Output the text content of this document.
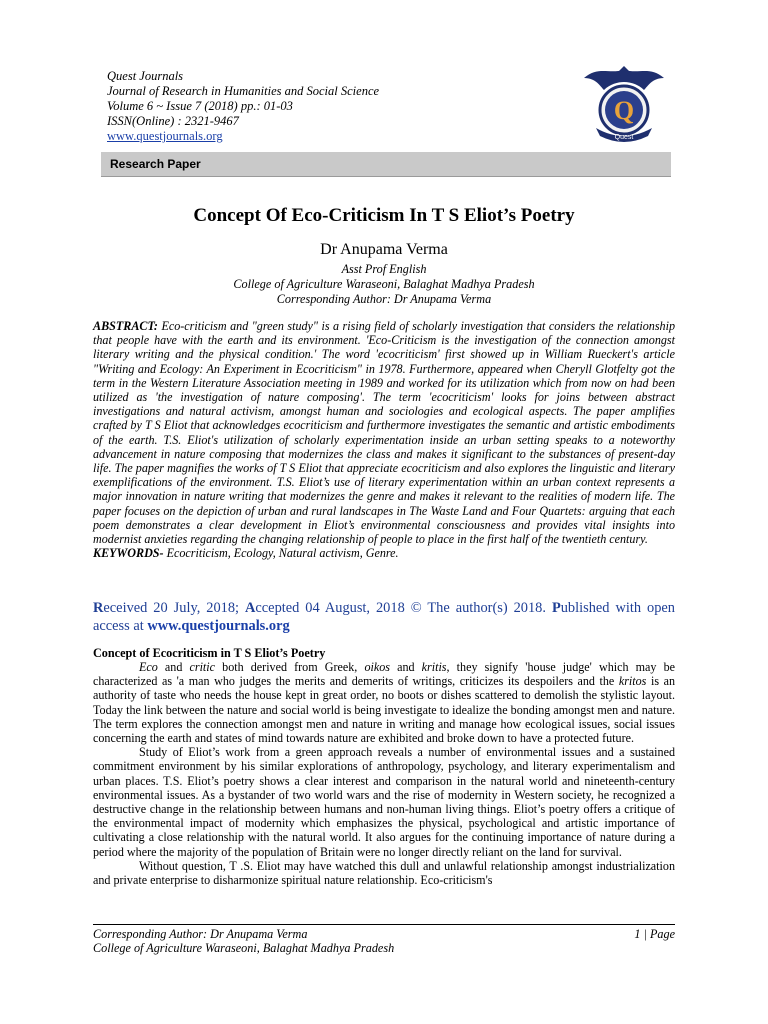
Quest Journals
Journal of Research in Humanities and Social Science
Volume 6 ~ Issue 7 (2018) pp.: 01-03
ISSN(Online) : 2321-9467
www.questjournals.org
Q
Quest
Research Paper
Concept Of Eco-Criticism In T S Eliot’s Poetry
Dr Anupama Verma
Asst Prof English
College of Agriculture Waraseoni, Balaghat Madhya Pradesh
Corresponding Author: Dr Anupama Verma
ABSTRACT: Eco-criticism and "green study" is a rising field of scholarly investigation that considers the relationship that people have with the earth and its environment. 'Eco-Criticism is the investigation of the connection amongst literary writing and the physical condition.' The word 'ecocriticism' first showed up in William Rueckert's article "Writing and Ecology: An Experiment in Ecocriticism" in 1978. Furthermore, appeared when Cheryll Glotfelty got the term in the Western Literature Association meeting in 1989 and worked for its utilization which from now on had been utilized as 'the investigation of nature composing'. The term 'ecocriticism' looks for joins between abstract investigations and natural activism, amongst human and sociologies and ecological aspects. The paper amplifies crafted by T S Eliot that acknowledges ecocriticism and furthermore investigates the semantic and artistic embodiments of the earth. T.S. Eliot's utilization of scholarly experimentation inside an urban setting speaks to a noteworthy advancement in nature composing that modernizes the class and makes it significant to the substances of present-day life. The paper magnifies the works of T S Eliot that appreciate ecocriticism and also explores the linguistic and literary exemplifications of the environment. T.S. Eliot’s use of literary experimentation within an urban context represents a major innovation in nature writing that modernizes the genre and makes it relevant to the realities of modern life. The paper focuses on the depiction of urban and rural landscapes in The Waste Land and Four Quartets: arguing that each poem demonstrates a clear development in Eliot’s environmental consciousness and provides vital insights into modernist anxieties regarding the changing relationship of people to place in the first half of the twentieth century.
KEYWORDS- Ecocriticism, Ecology, Natural activism, Genre.
Received 20 July, 2018; Accepted 04 August, 2018 © The author(s) 2018. Published with open access at www.questjournals.org
Concept of Ecocriticism in T S Eliot’s Poetry

Eco and critic both derived from Greek, oikos and kritis, they signify 'house judge' which may be characterized as 'a man who judges the merits and demerits of writings, criticizes its despoilers and the kritos is an authority of taste who needs the house kept in great order, no boots or dishes scattered to demolish the stylistic layout. Today the link between the nature and social world is being investigate to idealize the bonding amongst men and nature. The term explores the connection amongst men and nature in writing and manage how ecological issues, social issues concerning the earth and states of mind towards nature are exhibited and broke down to have a protected future.

Study of Eliot’s work from a green approach reveals a number of environmental issues and a sustained commitment environment by his similar explorations of anthropology, psychology, and literary experimentalism and urban places. T.S. Eliot’s poetry shows a clear interest and comparison in the natural world and nineteenth-century environmental issues. As a bystander of two world wars and the rise of modernity in Western society, he recognized a destructive change in the relationship between humans and non-human living things. Eliot’s poetry offers a critique of the environmental impact of modernity which emphasizes the physical, psychological and artistic importance of cultivating a close relationship with the natural world. It also argues for the continuing importance of nature during a period where the majority of the population of Britain were no longer directly reliant on the land for survival.

Without question, T .S. Eliot may have watched this dull and unlawful relationship amongst industrialization and private enterprise to disharmonize spiritual nature relationship. Eco-criticism's

Corresponding Author: Dr Anupama Verma	1 | Page
College of Agriculture Waraseoni, Balaghat Madhya Pradesh
